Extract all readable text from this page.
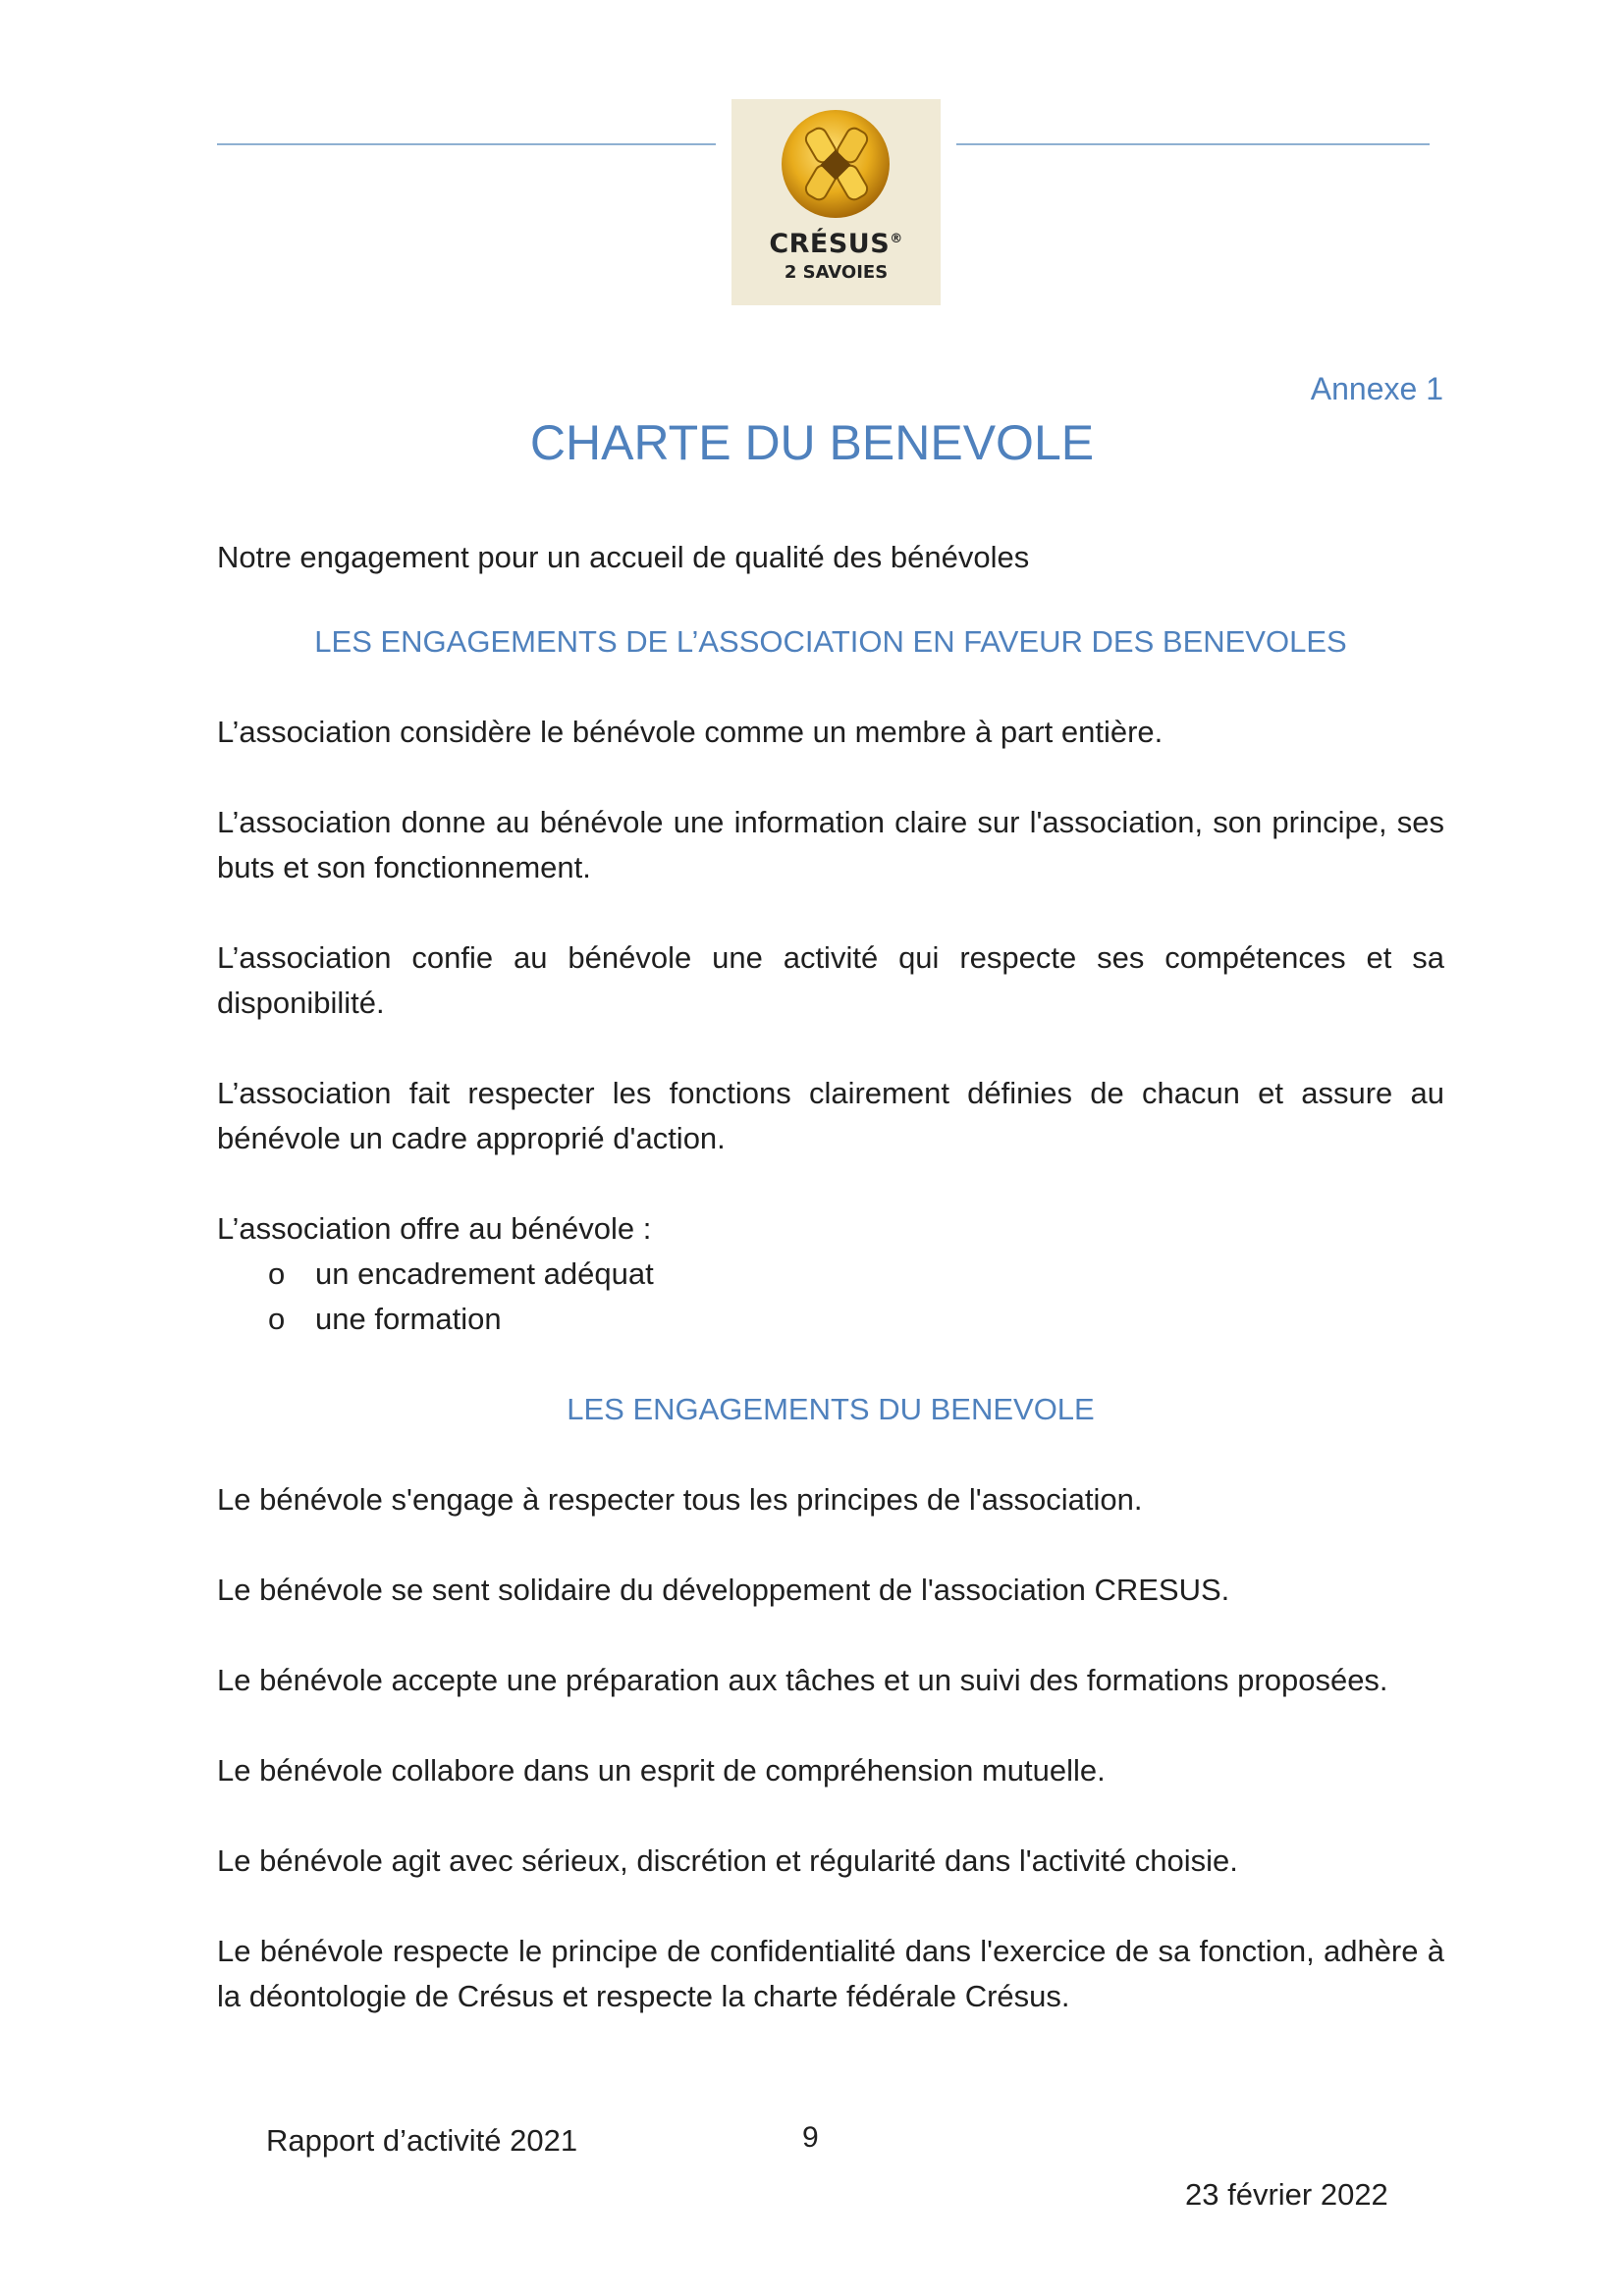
CRÉSUS®
2 SAVOIES
Annexe 1
CHARTE DU BENEVOLE

Notre engagement pour un accueil de qualité des bénévoles

LES ENGAGEMENTS DE L’ASSOCIATION EN FAVEUR DES BENEVOLES

L’association considère le bénévole comme un membre à part entière.

L’association donne au bénévole une information claire sur l'association, son principe, ses buts et son fonctionnement.

L’association confie au bénévole une activité qui respecte ses compétences et sa disponibilité.

L’association fait respecter les fonctions clairement définies de chacun et assure au bénévole un cadre approprié d'action.

L’association offre au bénévole :
o un encadrement adéquat
o une formation
LES ENGAGEMENTS DU BENEVOLE

Le bénévole s'engage à respecter tous les principes de l'association.

Le bénévole se sent solidaire du développement de l'association CRESUS.

Le bénévole accepte une préparation aux tâches et un suivi des formations proposées.

Le bénévole collabore dans un esprit de compréhension mutuelle.

Le bénévole agit avec sérieux, discrétion et régularité dans l'activité choisie.

Le bénévole respecte le principe de confidentialité dans l'exercice de sa fonction, adhère à la déontologie de Crésus et respecte la charte fédérale Crésus.

Rapport d’activité 2021	9
23 février 2022
